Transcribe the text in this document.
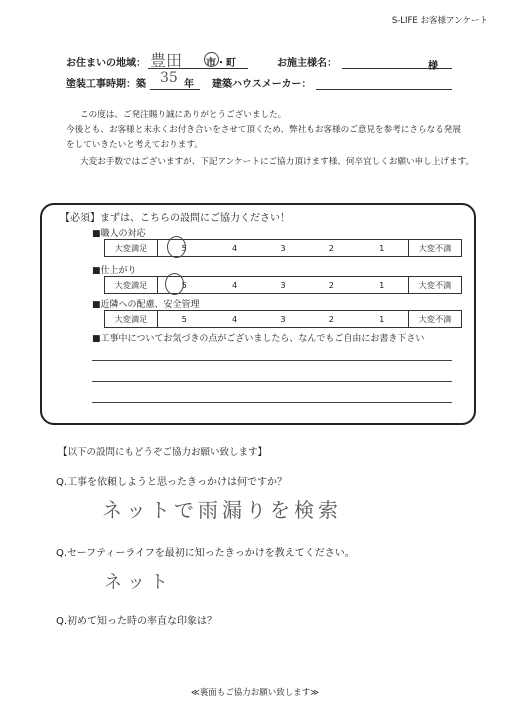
S-LIFE お客様アンケート
お住まいの地域： 豊田 市・町	お施主様名：	様
塗装工事時期：築 35 年 建築ハウスメーカー：
この度は、ご発注賜り誠にありがとうございました。
今後とも、お客様と末永くお付き合いをさせて頂くため、弊社もお客様のご意見を参考にさらなる発展
をしていきたいと考えております。
大変お手数ではございますが、下記アンケートにご協力頂けます様、何卒宜しくお願い申し上げます。
【必須】まずは、こちらの設問にご協力ください！
■職人の対応
大変満足	5	4	3	2	1	大変不満
■仕上がり
大変満足	5	4	3	2	1	大変不満
■近隣への配慮、安全管理
大変満足	5	4	3	2	1	大変不満
■工事中についてお気づきの点がございましたら、なんでもご自由にお書き下さい
【以下の設問にもどうぞご協力お願い致します】
Q.工事を依頼しようと思ったきっかけは何ですか？
ネットで雨漏りを検索
Q.セーフティーライフを最初に知ったきっかけを教えてください。
ネット
Q.初めて知った時の率直な印象は？
≪裏面もご協力お願い致します≫
